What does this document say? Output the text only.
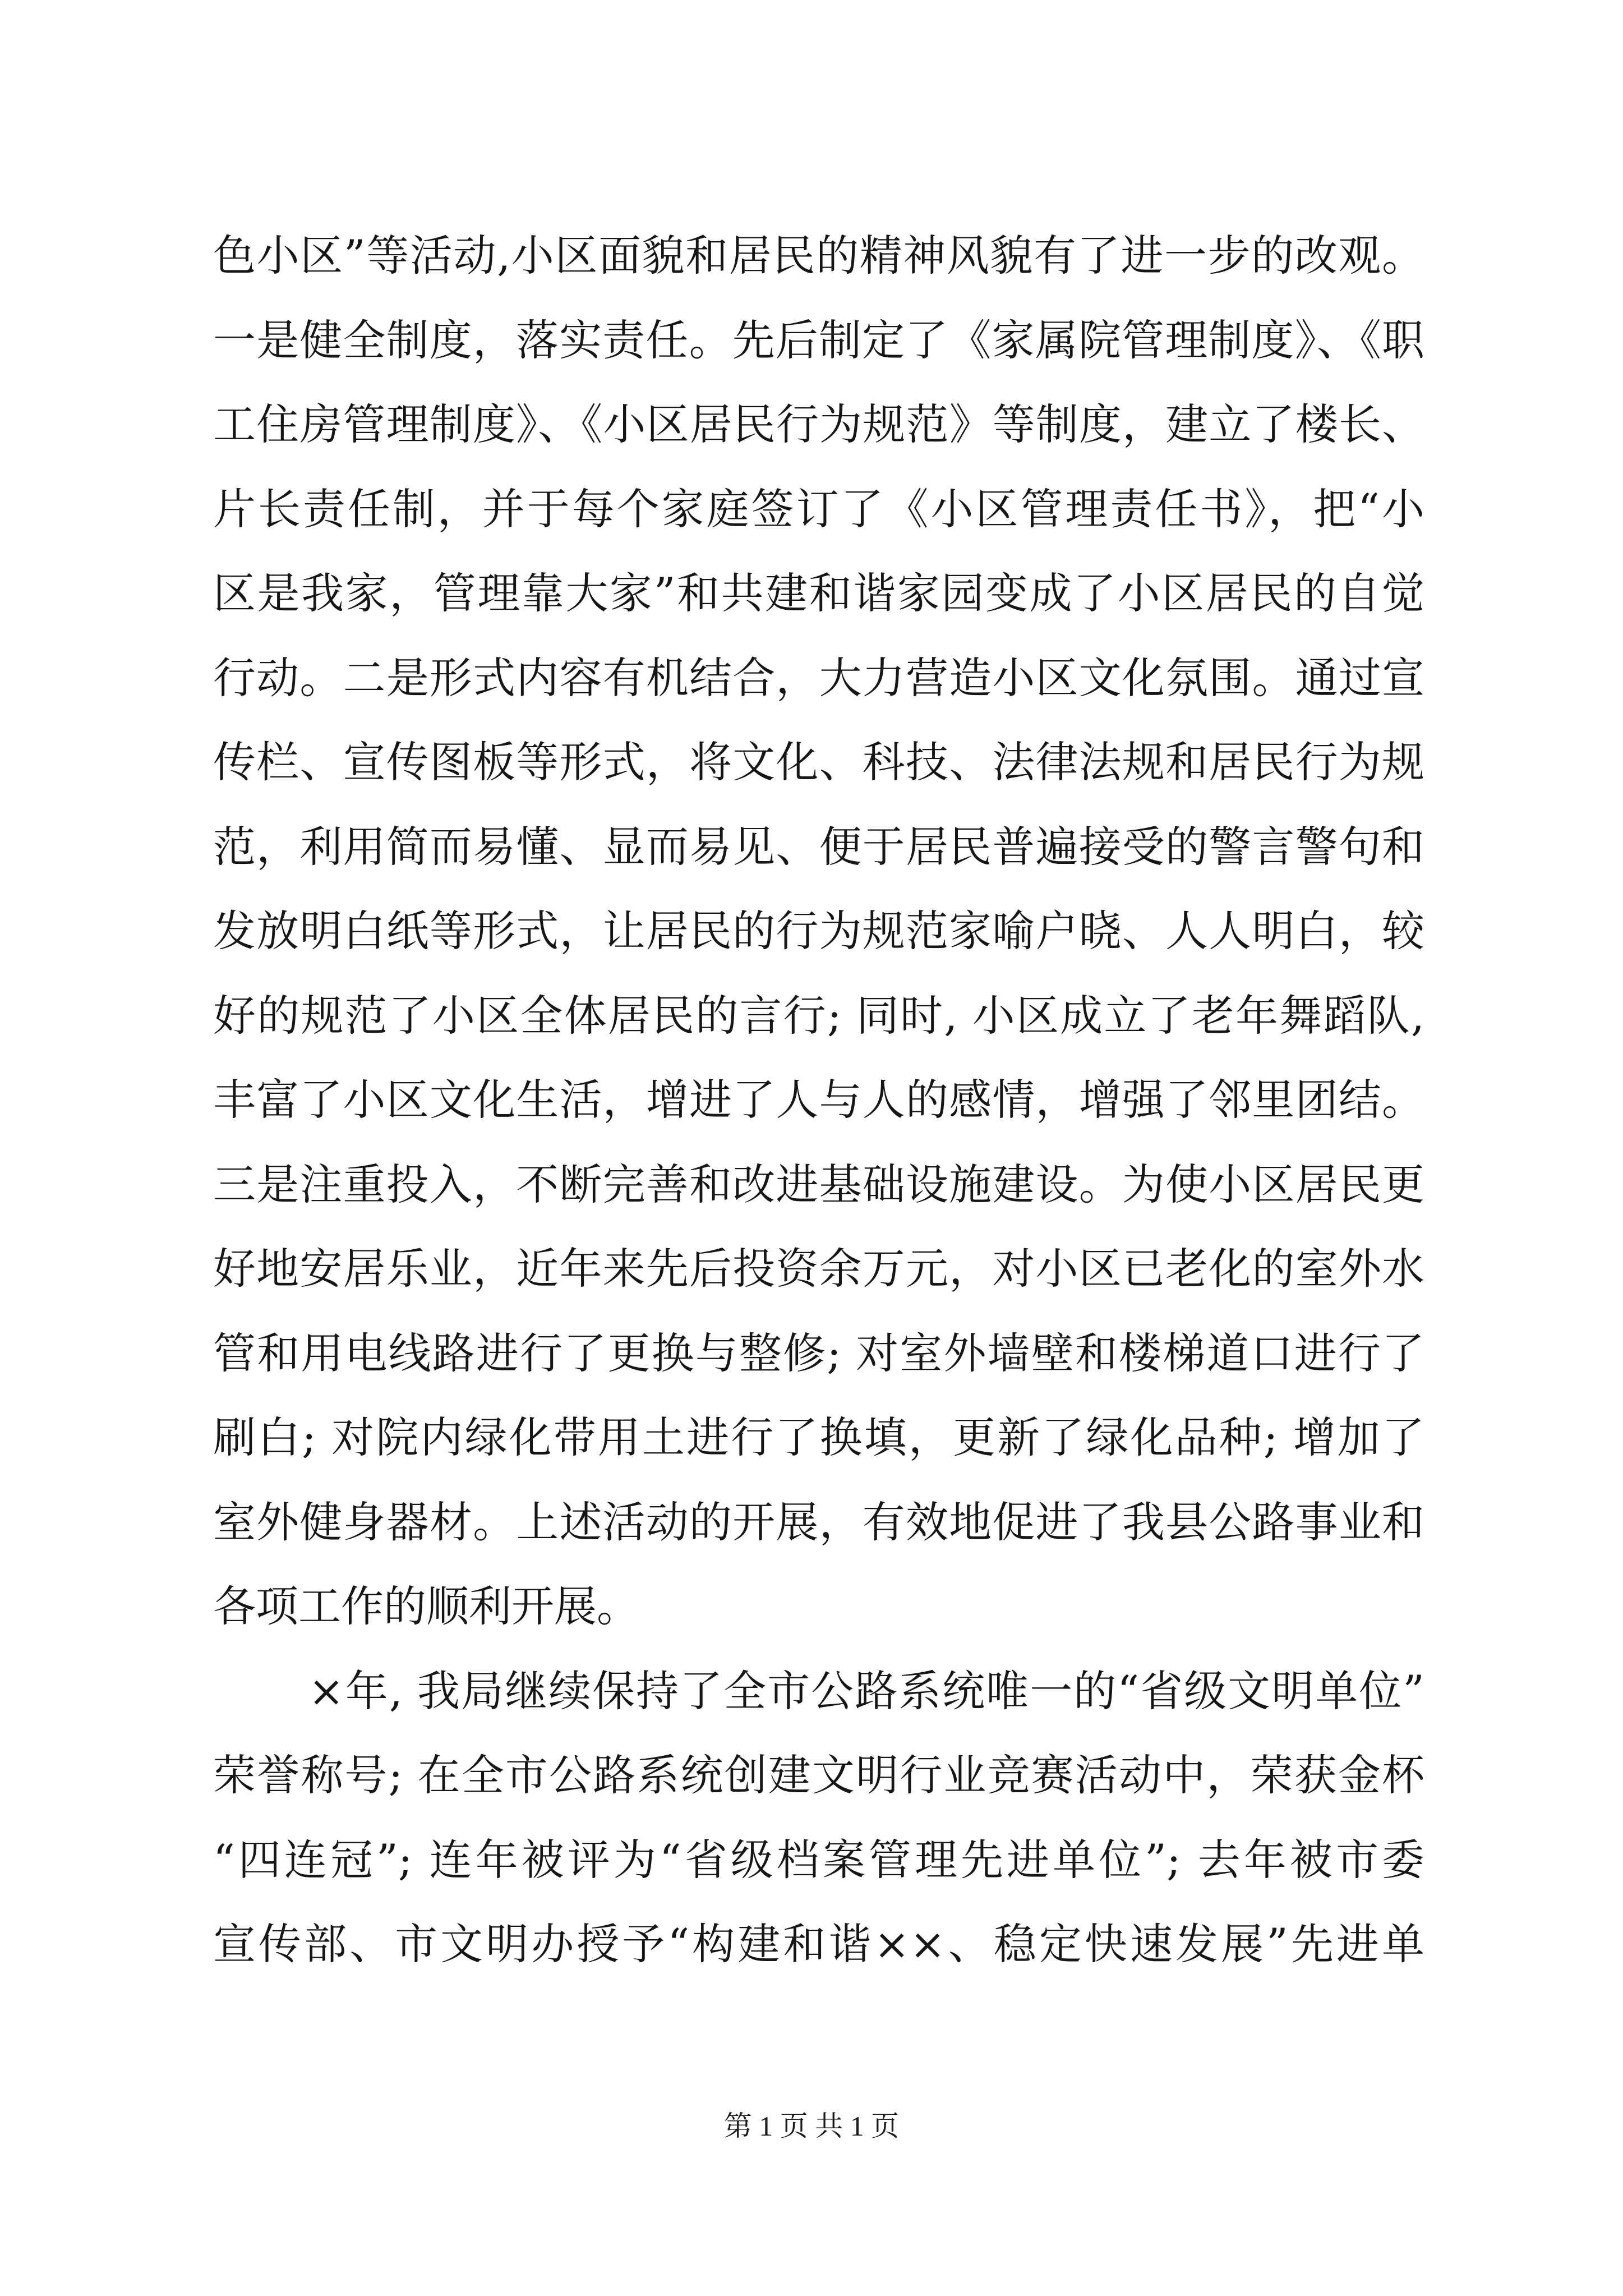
色小区”等活动,小区面貌和居民的精神风貌有了进一步的改观。
一是健全制度，落实责任。先后制定了《家属院管理制度》、《职
工住房管理制度》、《小区居民行为规范》等制度，建立了楼长、
片长责任制，并于每个家庭签订了《小区管理责任书》，把“小
区是我家，管理靠大家”和共建和谐家园变成了小区居民的自觉
行动。二是形式内容有机结合，大力营造小区文化氛围。通过宣
传栏、宣传图板等形式，将文化、科技、法律法规和居民行为规
范，利用简而易懂、显而易见、便于居民普遍接受的警言警句和
发放明白纸等形式，让居民的行为规范家喻户晓、人人明白，较
好的规范了小区全体居民的言行; 同时, 小区成立了老年舞蹈队,
丰富了小区文化生活，增进了人与人的感情，增强了邻里团结。
三是注重投入，不断完善和改进基础设施建设。为使小区居民更
好地安居乐业，近年来先后投资余万元，对小区已老化的室外水
管和用电线路进行了更换与整修; 对室外墙壁和楼梯道口进行了
刷白; 对院内绿化带用土进行了换填，更新了绿化品种; 增加了
室外健身器材。上述活动的开展，有效地促进了我县公路事业和
各项工作的顺利开展。
×年, 我局继续保持了全市公路系统唯一的“省级文明单位”
荣誉称号; 在全市公路系统创建文明行业竞赛活动中，荣获金杯
“四连冠”; 连年被评为“省级档案管理先进单位”; 去年被市委
宣传部、市文明办授予“构建和谐××、稳定快速发展”先进单
第 1 页 共 1 页
